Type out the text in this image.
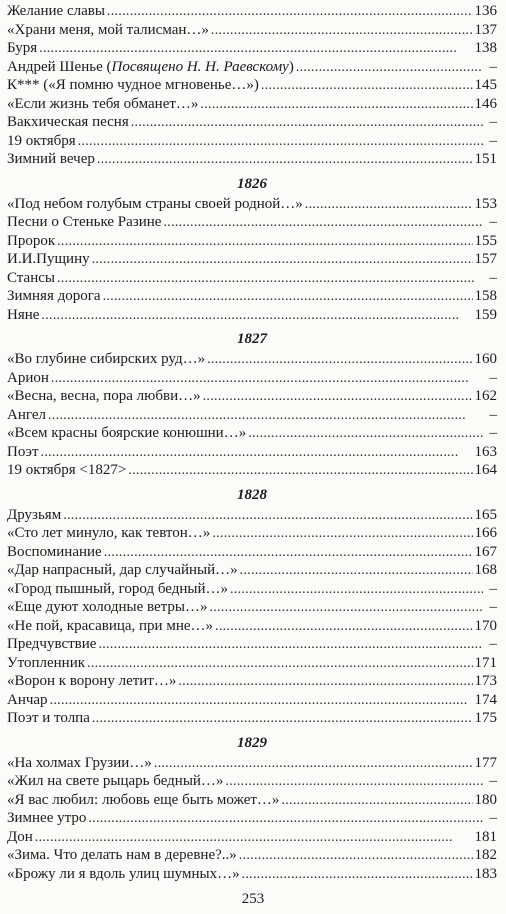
Желание славы . . .	136
«Храни меня, мой талисман…» . . .	137
Буря . . .	138
Андрей Шенье (Посвящено Н. Н. Раевскому) . . .	–
К*** («Я помню чудное мгновенье…») . . .	145
«Если жизнь тебя обманет…» . . .	146
Вакхическая песня . . .	–
19 октября . . .	–
Зимний вечер . . .	151
1826
«Под небом голубым страны своей родной…» . . .	153
Песни о Стеньке Разине . . .	–
Пророк . . .	155
И.И.Пущину . . .	157
Стансы . . .	–
Зимняя дорога . . .	158
Няне . . .	159
1827
«Во глубине сибирских руд…» . . .	160
Арион . . .	–
«Весна, весна, пора любви…» . . .	162
Ангел . . .	–
«Всем красны боярские конюшни…» . . .	–
Поэт . . .	163
19 октября <1827> . . .	164
1828
Друзьям . . .	165
«Сто лет минуло, как тевтон…» . . .	166
Воспоминание . . .	167
«Дар напрасный, дар случайный…» . . .	168
«Город пышный, город бедный…» . . .	–
«Еще дуют холодные ветры…» . . .	–
«Не пой, красавица, при мне…» . . .	170
Предчувствие . . .	–
Утопленник . . .	171
«Ворон к ворону летит…» . . .	173
Анчар . . .	174
Поэт и толпа . . .	175
1829
«На холмах Грузии…» . . .	177
«Жил на свете рыцарь бедный…» . . .	–
«Я вас любил: любовь еще быть может…» . . .	180
Зимнее утро . . .	–
Дон . . .	181
«Зима. Что делать нам в деревне?..» . . .	182
«Брожу ли я вдоль улиц шумных…» . . .	183
253
